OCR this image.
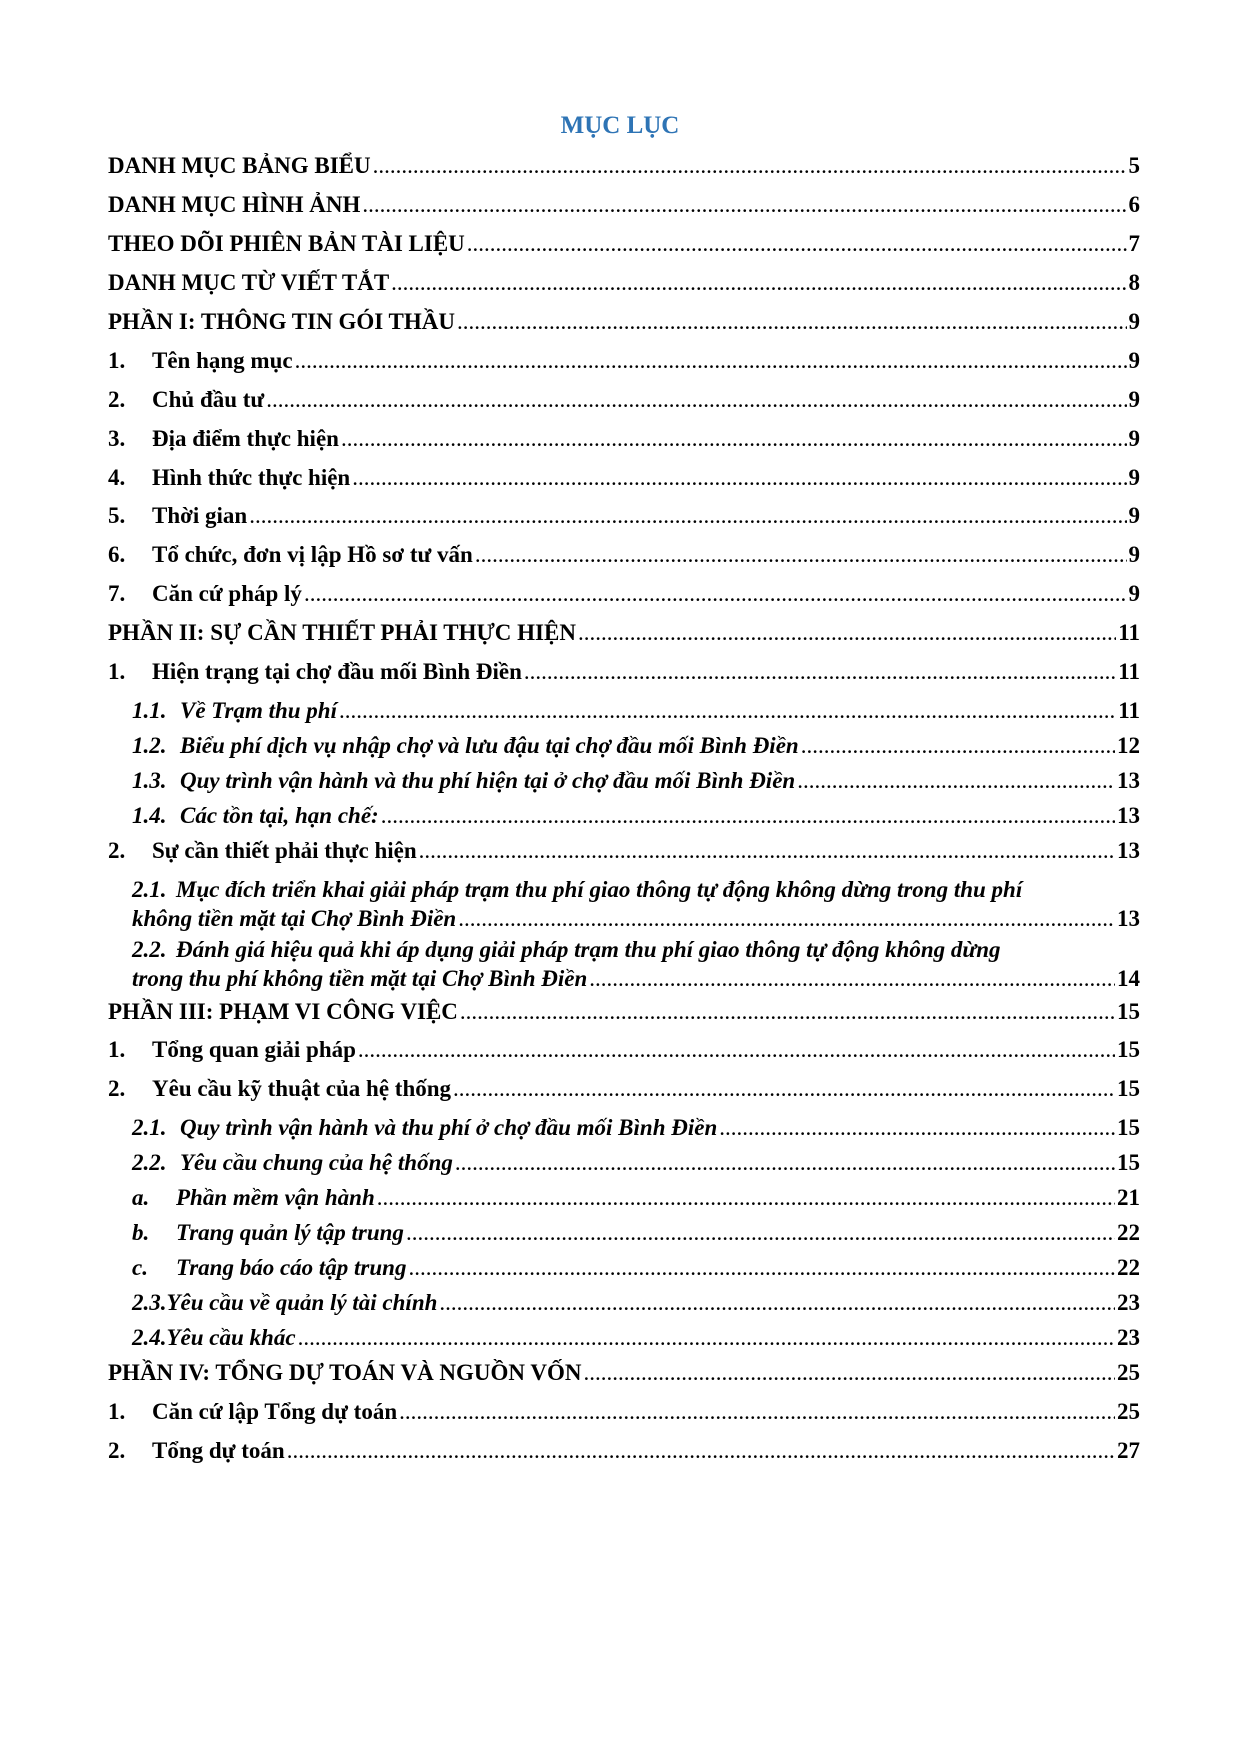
MỤC LỤC
DANH MỤC BẢNG BIỂU .....	5
DANH MỤC HÌNH ẢNH .....	6
THEO DÕI PHIÊN BẢN TÀI LIỆU .....	7
DANH MỤC TỪ VIẾT TẮT .....	8
PHẦN I: THÔNG TIN GÓI THẦU .....	9
1. Tên hạng mục .....	9
2. Chủ đầu tư .....	9
3. Địa điểm thực hiện .....	9
4. Hình thức thực hiện .....	9
5. Thời gian .....	9
6. Tổ chức, đơn vị lập Hồ sơ tư vấn .....	9
7. Căn cứ pháp lý .....	9
PHẦN II: SỰ CẦN THIẾT PHẢI THỰC HIỆN .....	11
1. Hiện trạng tại chợ đầu mối Bình Điền .....	11
1.1. Về Trạm thu phí .....	11
1.2. Biểu phí dịch vụ nhập chợ và lưu đậu tại chợ đầu mối Bình Điền .....	12
1.3. Quy trình vận hành và thu phí hiện tại ở chợ đầu mối Bình Điền .....	13
1.4. Các tồn tại, hạn chế: .....	13
2. Sự cần thiết phải thực hiện .....	13
2.1. Mục đích triển khai giải pháp trạm thu phí giao thông tự động không dừng trong thu phí
không tiền mặt tại Chợ Bình Điền .....	13
2.2. Đánh giá hiệu quả khi áp dụng giải pháp trạm thu phí giao thông tự động không dừng
trong thu phí không tiền mặt tại Chợ Bình Điền .....	14
PHẦN III: PHẠM VI CÔNG VIỆC .....	15
1. Tổng quan giải pháp .....	15
2. Yêu cầu kỹ thuật của hệ thống .....	15
2.1. Quy trình vận hành và thu phí ở chợ đầu mối Bình Điền .....	15
2.2. Yêu cầu chung của hệ thống .....	15
a. Phần mềm vận hành .....	21
b. Trang quản lý tập trung .....	22
c. Trang báo cáo tập trung .....	22
2.3.Yêu cầu về quản lý tài chính .....	23
2.4.Yêu cầu khác .....	23
PHẦN IV: TỔNG DỰ TOÁN VÀ NGUỒN VỐN .....	25
1. Căn cứ lập Tổng dự toán .....	25
2. Tổng dự toán .....	27
